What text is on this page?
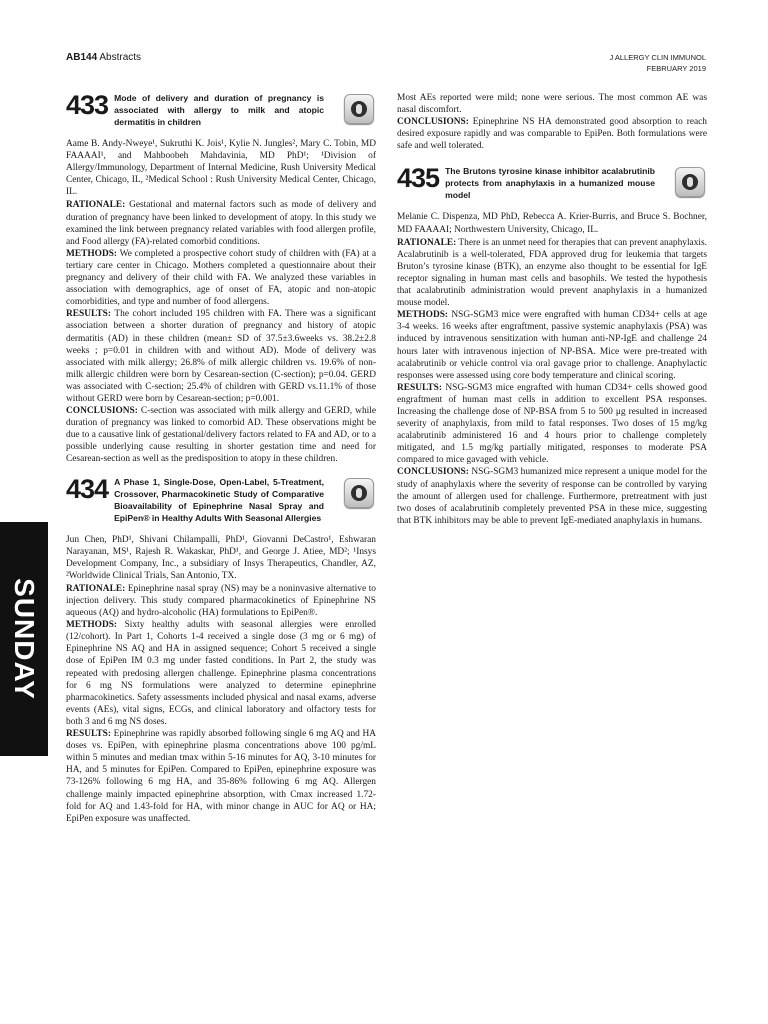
AB144 Abstracts	J ALLERGY CLIN IMMUNOL
FEBRUARY 2019
SUNDAY
433 Mode of delivery and duration of pregnancy is associated with allergy to milk and atopic dermatitis in children

Aame B. Andy-Nweye¹, Sukruthi K. Jois¹, Kylie N. Jungles², Mary C. Tobin, MD FAAAAI¹, and Mahboobeh Mahdavinia, MD PhD¹; ¹Division of Allergy/Immunology, Department of Internal Medicine, Rush University Medical Center, Chicago, IL, ²Medical School : Rush University Medical Center, Chicago, IL.

RATIONALE: Gestational and maternal factors such as mode of delivery and duration of pregnancy have been linked to development of atopy. In this study we examined the link between pregnancy related variables with food allergen profile, and Food allergy (FA)-related comorbid conditions.

METHODS: We completed a prospective cohort study of children with (FA) at a tertiary care center in Chicago. Mothers completed a questionnaire about their pregnancy and delivery of their child with FA. We analyzed these variables in association with demographics, age of onset of FA, atopic and non-atopic comorbidities, and type and number of food allergens.

RESULTS: The cohort included 195 children with FA. There was a significant association between a shorter duration of pregnancy and history of atopic dermatitis (AD) in these children (mean± SD of 37.5±3.6weeks vs. 38.2±2.8 weeks ; p=0.01 in children with and without AD). Mode of delivery was associated with milk allergy; 26.8% of milk allergic children vs. 19.6% of non-milk allergic children were born by Cesarean-section (C-section); p=0.04. GERD was associated with C-section; 25.4% of children with GERD vs.11.1% of those without GERD were born by Cesarean-section; p=0.001.

CONCLUSIONS: C-section was associated with milk allergy and GERD, while duration of pregnancy was linked to comorbid AD. These observations might be due to a causative link of gestational/delivery factors related to FA and AD, or to a possible underlying cause resulting in shorter gestation time and need for Cesarean-section as well as the predisposition to atopy in these children.

434 A Phase 1, Single-Dose, Open-Label, 5-Treatment, Crossover, Pharmacokinetic Study of Comparative Bioavailability of Epinephrine Nasal Spray and EpiPen® in Healthy Adults With Seasonal Allergies

Jun Chen, PhD¹, Shivani Chilampalli, PhD¹, Giovanni DeCastro¹, Eshwaran Narayanan, MS¹, Rajesh R. Wakaskar, PhD¹, and George J. Atiee, MD²; ¹Insys Development Company, Inc., a subsidiary of Insys Therapeutics, Chandler, AZ, ²Worldwide Clinical Trials, San Antonio, TX.

RATIONALE: Epinephrine nasal spray (NS) may be a noninvasive alternative to injection delivery. This study compared pharmacokinetics of Epinephrine NS aqueous (AQ) and hydro-alcoholic (HA) formulations to EpiPen®.

METHODS: Sixty healthy adults with seasonal allergies were enrolled (12/cohort). In Part 1, Cohorts 1-4 received a single dose (3 mg or 6 mg) of Epinephrine NS AQ and HA in assigned sequence; Cohort 5 received a single dose of EpiPen IM 0.3 mg under fasted conditions. In Part 2, the study was repeated with predosing allergen challenge. Epinephrine plasma concentrations for 6 mg NS formulations were analyzed to determine epinephrine pharmacokinetics. Safety assessments included physical and nasal exams, adverse events (AEs), vital signs, ECGs, and clinical laboratory and olfactory tests for both 3 and 6 mg NS doses.

RESULTS: Epinephrine was rapidly absorbed following single 6 mg AQ and HA doses vs. EpiPen, with epinephrine plasma concentrations above 100 pg/mL within 5 minutes and median tmax within 5-16 minutes for AQ, 3-10 minutes for HA, and 5 minutes for EpiPen. Compared to EpiPen, epinephrine exposure was 73-126% following 6 mg HA, and 35-86% following 6 mg AQ. Allergen challenge mainly impacted epinephrine absorption, with Cmax increased 1.72-fold for AQ and 1.43-fold for HA, with minor change in AUC for AQ or HA; EpiPen exposure was unaffected.

Most AEs reported were mild; none were serious. The most common AE was nasal discomfort.

CONCLUSIONS: Epinephrine NS HA demonstrated good absorption to reach desired exposure rapidly and was comparable to EpiPen. Both formulations were safe and well tolerated.

435 The Brutons tyrosine kinase inhibitor acalabrutinib protects from anaphylaxis in a humanized mouse model

Melanie C. Dispenza, MD PhD, Rebecca A. Krier-Burris, and Bruce S. Bochner, MD FAAAAI; Northwestern University, Chicago, IL.

RATIONALE: There is an unmet need for therapies that can prevent anaphylaxis. Acalabrutinib is a well-tolerated, FDA approved drug for leukemia that targets Bruton’s tyrosine kinase (BTK), an enzyme also thought to be essential for IgE receptor signaling in human mast cells and basophils. We tested the hypothesis that acalabrutinib administration would prevent anaphylaxis in a humanized mouse model.

METHODS: NSG-SGM3 mice were engrafted with human CD34+ cells at age 3-4 weeks. 16 weeks after engraftment, passive systemic anaphylaxis (PSA) was induced by intravenous sensitization with human anti-NP-IgE and challenge 24 hours later with intravenous injection of NP-BSA. Mice were pre-treated with acalabrutinib or vehicle control via oral gavage prior to challenge. Anaphylactic responses were assessed using core body temperature and clinical scoring.

RESULTS: NSG-SGM3 mice engrafted with human CD34+ cells showed good engraftment of human mast cells in addition to excellent PSA responses. Increasing the challenge dose of NP-BSA from 5 to 500 μg resulted in increased severity of anaphylaxis, from mild to fatal responses. Two doses of 15 mg/kg acalabrutinib administered 16 and 4 hours prior to challenge completely mitigated, and 1.5 mg/kg partially mitigated, responses to moderate PSA compared to mice gavaged with vehicle.

CONCLUSIONS: NSG-SGM3 humanized mice represent a unique model for the study of anaphylaxis where the severity of response can be controlled by varying the amount of allergen used for challenge. Furthermore, pretreatment with just two doses of acalabrutinib completely prevented PSA in these mice, suggesting that BTK inhibitors may be able to prevent IgE-mediated anaphylaxis in humans.
